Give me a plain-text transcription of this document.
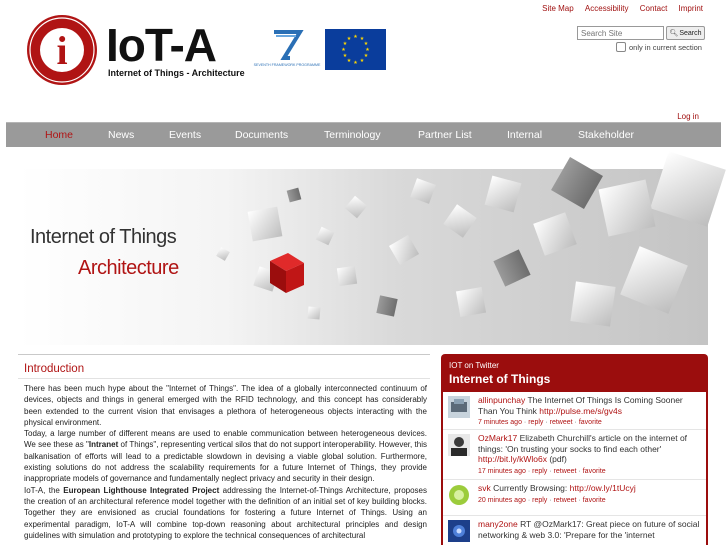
i IoT-A
Internet of Things - Architecture
SEVENTH FRAMEWORK PROGRAMME
★ ★
★
★
★
★
★
★
★
★
★
★
Site Map Accessibility Contact Imprint
Search Site
🔍︎ Search
only in current section
Log in
Home	News	Events	Documents	Terminology	Partner List	Internal	Stakeholder
Internet of Things
Architecture
Introduction
There has been much hype about the "Internet of Things". The idea of a globally interconnected continuum of devices, objects and things in general emerged with the RFID technology, and this concept has considerably been extended to the current vision that envisages a plethora of heterogeneous objects interacting with the physical environment.
Today, a large number of different means are used to enable communication between heterogeneous devices. We see these as "Intranet of Things", representing vertical silos that do not support interoperability. However, this balkanisation of efforts will lead to a predictable slowdown in devising a viable global solution. Furthermore, existing solutions do not address the scalability requirements for a future Internet of Things, they provide inappropriate models of governance and fundamentally neglect privacy and security in their design.
IoT-A, the European Lighthouse Integrated Project addressing the Internet-of-Things Architecture, proposes the creation of an architectural reference model together with the definition of an initial set of key building blocks. Together they are envisioned as crucial foundations for fostering a future Internet of Things. Using an experimental paradigm, IoT-A will combine top-down reasoning about architectural principles and design guidelines with simulation and prototyping to explore the technical consequences of architectural
IOT on Twitter
Internet of Things
allinpunchay The Internet Of Things Is Coming Sooner Than You Think http://pulse.me/s/gv4s
7 minutes ago · reply · retweet · favorite
OzMark17 Elizabeth Churchill's article on the internet of things: 'On trusting your socks to find each other' http://bit.ly/kWlo6x (pdf)
17 minutes ago · reply · retweet · favorite
svk Currently Browsing: http://ow.ly/1tUcyj
20 minutes ago · reply · retweet · favorite
many2one RT @OzMark17: Great piece on future of social networking & web 3.0: 'Prepare for the 'internet
